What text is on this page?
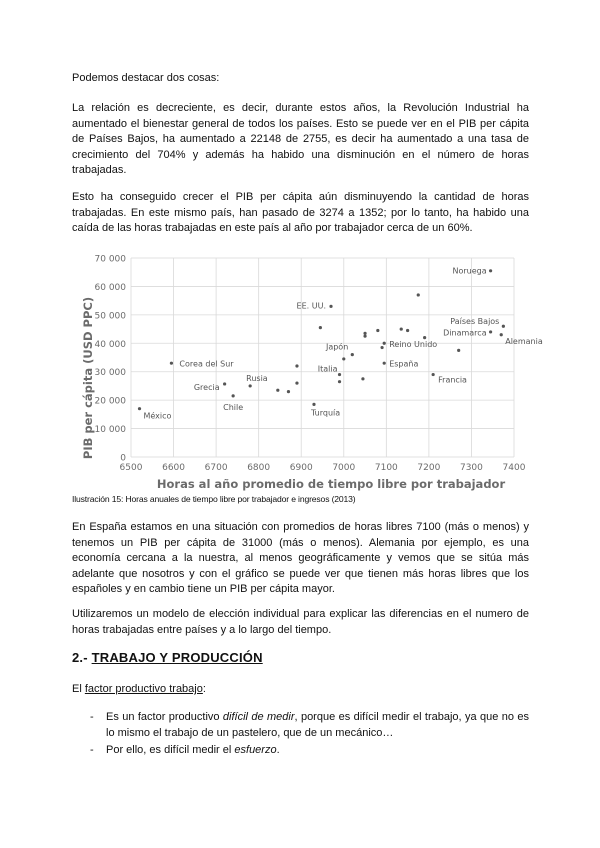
Podemos destacar dos cosas:

La relación es decreciente, es decir, durante estos años, la Revolución Industrial ha aumentado el bienestar general de todos los países. Esto se puede ver en el PIB per cápita de Países Bajos, ha aumentado a 22148 de 2755, es decir ha aumentado a una tasa de crecimiento del 704% y además ha habido una disminución en el número de horas trabajadas.

Esto ha conseguido crecer el PIB per cápita aún disminuyendo la cantidad de horas trabajadas. En este mismo país, han pasado de 3274 a 1352; por lo tanto, ha habido una caída de las horas trabajadas en este país al año por trabajador cerca de un 60%.

0
10 000
20 000
30 000
40 000
50 000
60 000
70 000
6500 6600 6700 6800 6900 7000 7100 7200 7300 7400
México
Corea del Sur
Grecia
Chile
Rusia
Turquía
EE. UU.
Italia
Japón	Reino Unido
España
Francia
Noruega
Dinamarca
Alemania
Países Bajos
PIB per cápita (USD PPC)
Horas al año promedio de tiempo libre por trabajador
Ilustración 15: Horas anuales de tiempo libre por trabajador e ingresos (2013)

En España estamos en una situación con promedios de horas libres 7100 (más o menos) y tenemos un PIB per cápita de 31000 (más o menos). Alemania por ejemplo, es una economía cercana a la nuestra, al menos geográficamente y vemos que se sitúa más adelante que nosotros y con el gráfico se puede ver que tienen más horas libres que los españoles y en cambio tiene un PIB per cápita mayor.

Utilizaremos un modelo de elección individual para explicar las diferencias en el numero de horas trabajadas entre países y a lo largo del tiempo.

2.- TRABAJO Y PRODUCCIÓN

El factor productivo trabajo:

- Es un factor productivo difícil de medir, porque es difícil medir el trabajo, ya que no es lo mismo el trabajo de un pastelero, que de un mecánico…
- Por ello, es difícil medir el esfuerzo.
